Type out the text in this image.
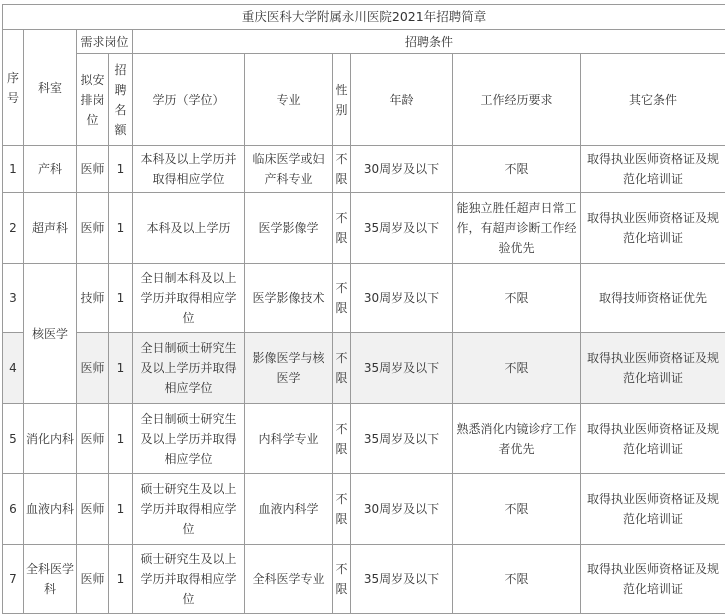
重庆医科大学附属永川医院2021年招聘简章									
序号	科室	需求岗位		招聘条件					
		拟安排岗位	招聘名额	学历（学位）	专业	性别	年龄	工作经历要求	其它条件
1	产科	医师	1	本科及以上学历并取得相应学位	临床医学或妇产科专业	不限	30周岁及以下	不限	取得执业医师资格证及规范化培训证
2	超声科	医师	1	本科及以上学历	医学影像学	不限	35周岁及以下	能独立胜任超声日常工作，有超声诊断工作经验优先	取得执业医师资格证及规范化培训证
3	核医学	技师	1	全日制本科及以上学历并取得相应学位	医学影像技术	不限	30周岁及以下	不限	取得技师资格证优先
4		医师	1	全日制硕士研究生及以上学历并取得相应学位	影像医学与核医学	不限	35周岁及以下	不限	取得执业医师资格证及规范化培训证
5	消化内科	医师	1	全日制硕士研究生及以上学历并取得相应学位	内科学专业	不限	35周岁及以下	熟悉消化内镜诊疗工作者优先	取得执业医师资格证及规范化培训证
6	血液内科	医师	1	硕士研究生及以上学历并取得相应学位	血液内科学	不限	30周岁及以下	不限	取得执业医师资格证及规范化培训证
7	全科医学科	医师	1	硕士研究生及以上学历并取得相应学位	全科医学专业	不限	35周岁及以下	不限	取得执业医师资格证及规范化培训证
